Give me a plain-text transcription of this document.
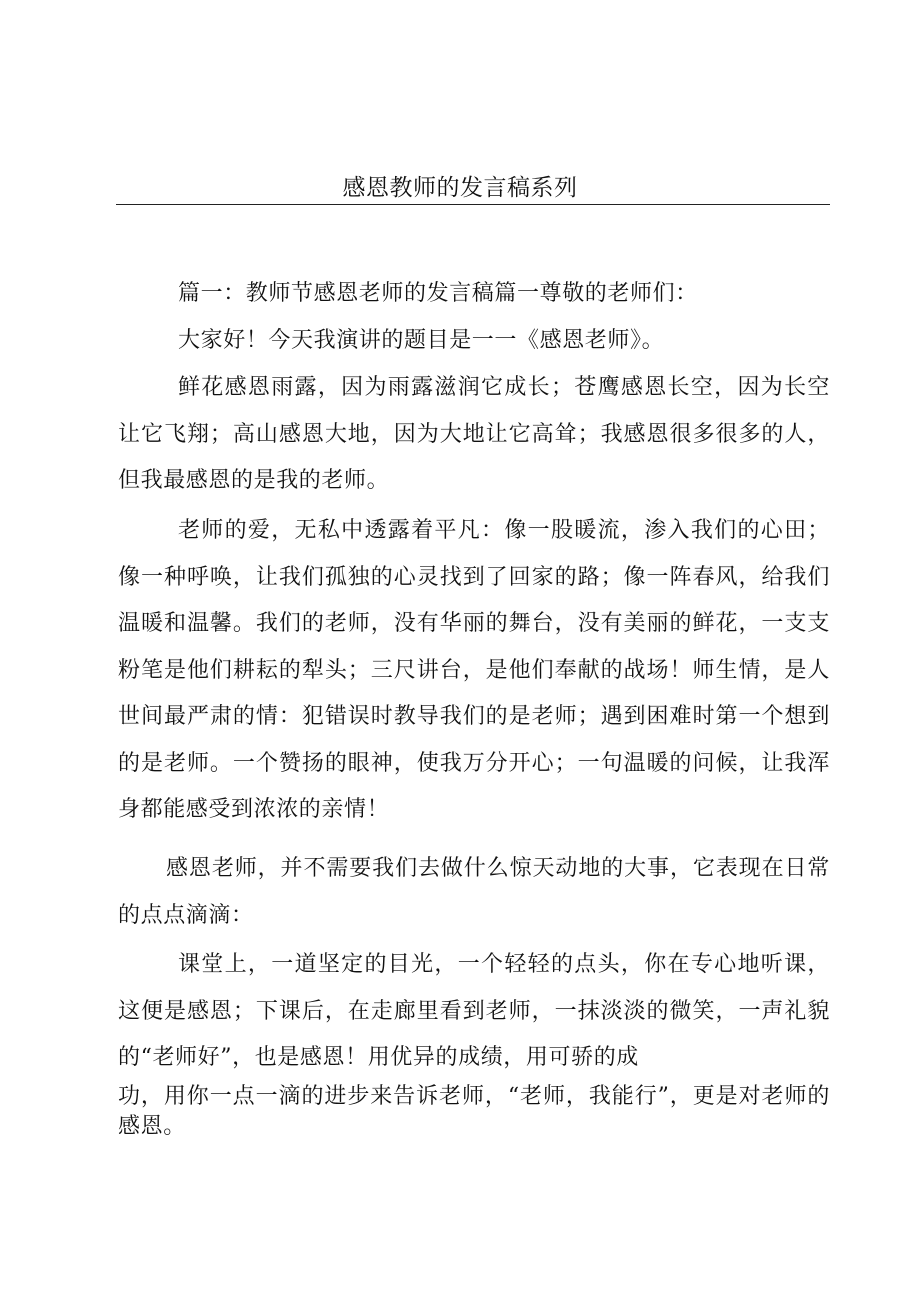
感恩教师的发言稿系列

篇一：教师节感恩老师的发言稿篇一尊敬的老师们：

大家好！今天我演讲的题目是一一《感恩老师》。

鲜花感恩雨露，因为雨露滋润它成长；苍鹰感恩长空，因为长空让它飞翔；高山感恩大地，因为大地让它高耸；我感恩很多很多的人，但我最感恩的是我的老师。

老师的爱，无私中透露着平凡：像一股暖流，渗入我们的心田；像一种呼唤，让我们孤独的心灵找到了回家的路；像一阵春风，给我们温暖和温馨。我们的老师，没有华丽的舞台，没有美丽的鲜花，一支支粉笔是他们耕耘的犁头；三尺讲台，是他们奉献的战场！师生情，是人世间最严肃的情：犯错误时教导我们的是老师；遇到困难时第一个想到的是老师。一个赞扬的眼神，使我万分开心；一句温暖的问候，让我浑身都能感受到浓浓的亲情！

感恩老师，并不需要我们去做什么惊天动地的大事，它表现在日常的点点滴滴：

课堂上，一道坚定的目光，一个轻轻的点头，你在专心地听课，这便是感恩；下课后，在走廊里看到老师，一抹淡淡的微笑，一声礼貌的“老师好”，也是感恩！用优异的成绩，用可骄的成

功，用你一点一滴的进步来告诉老师，“老师，我能行”，更是对老师的感恩。
